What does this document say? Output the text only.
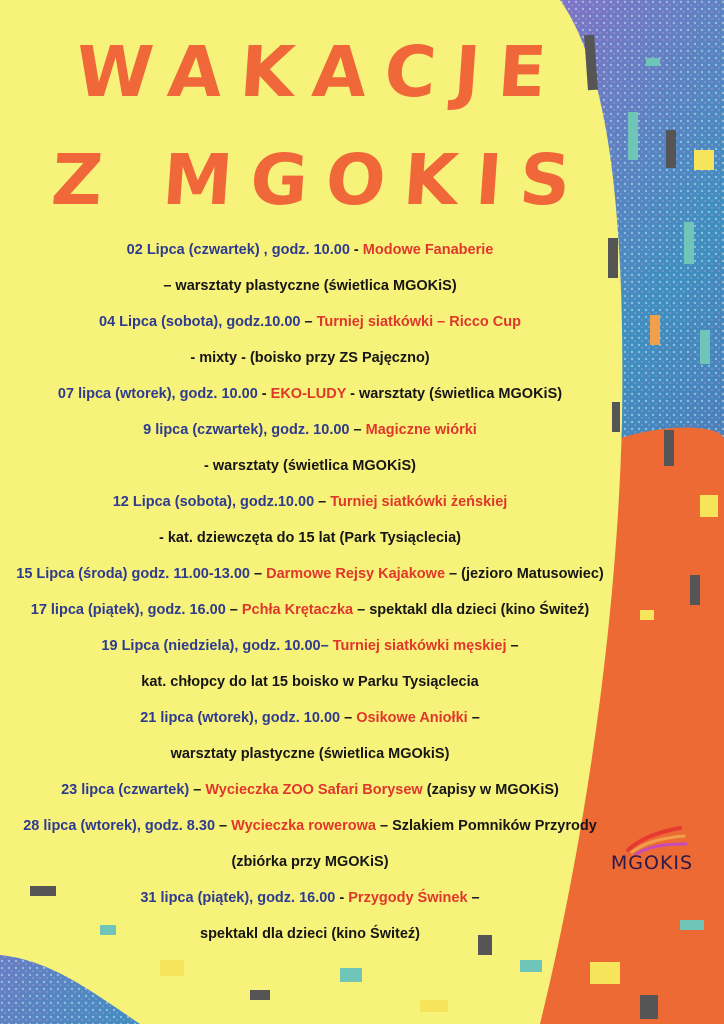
WAKACJE
Z MGOKIS
02 Lipca (czwartek) , godz. 10.00 - Modowe Fanaberie
– warsztaty plastyczne (świetlica MGOKiS)
04 Lipca (sobota), godz.10.00 – Turniej siatkówki – Ricco Cup
- mixty - (boisko przy ZS Pajęczno)
07 lipca (wtorek), godz. 10.00 - EKO-LUDY - warsztaty (świetlica MGOKiS)
9 lipca (czwartek), godz. 10.00 – Magiczne wiórki
- warsztaty (świetlica MGOKiS)
12 Lipca (sobota), godz.10.00 – Turniej siatkówki żeńskiej
- kat. dziewczęta do 15 lat (Park Tysiąclecia)
15 Lipca (środa) godz. 11.00-13.00 – Darmowe Rejsy Kajakowe – (jezioro Matusowiec)
17 lipca (piątek), godz. 16.00 – Pchła Krętaczka – spektakl dla dzieci (kino Świteź)
19 Lipca (niedziela), godz. 10.00– Turniej siatkówki męskiej –
kat. chłopcy do lat 15 boisko w Parku Tysiąclecia
21 lipca (wtorek), godz. 10.00 – Osikowe Aniołki –
warsztaty plastyczne (świetlica MGOkiS)
23 lipca (czwartek) – Wycieczka ZOO Safari Borysew (zapisy w MGOKiS)
28 lipca (wtorek), godz. 8.30 – Wycieczka rowerowa – Szlakiem Pomników Przyrody
(zbiórka przy MGOKiS)
31 lipca (piątek), godz. 16.00 - Przygody Świnek –
spektakl dla dzieci (kino Świteź)
MGOKIS
